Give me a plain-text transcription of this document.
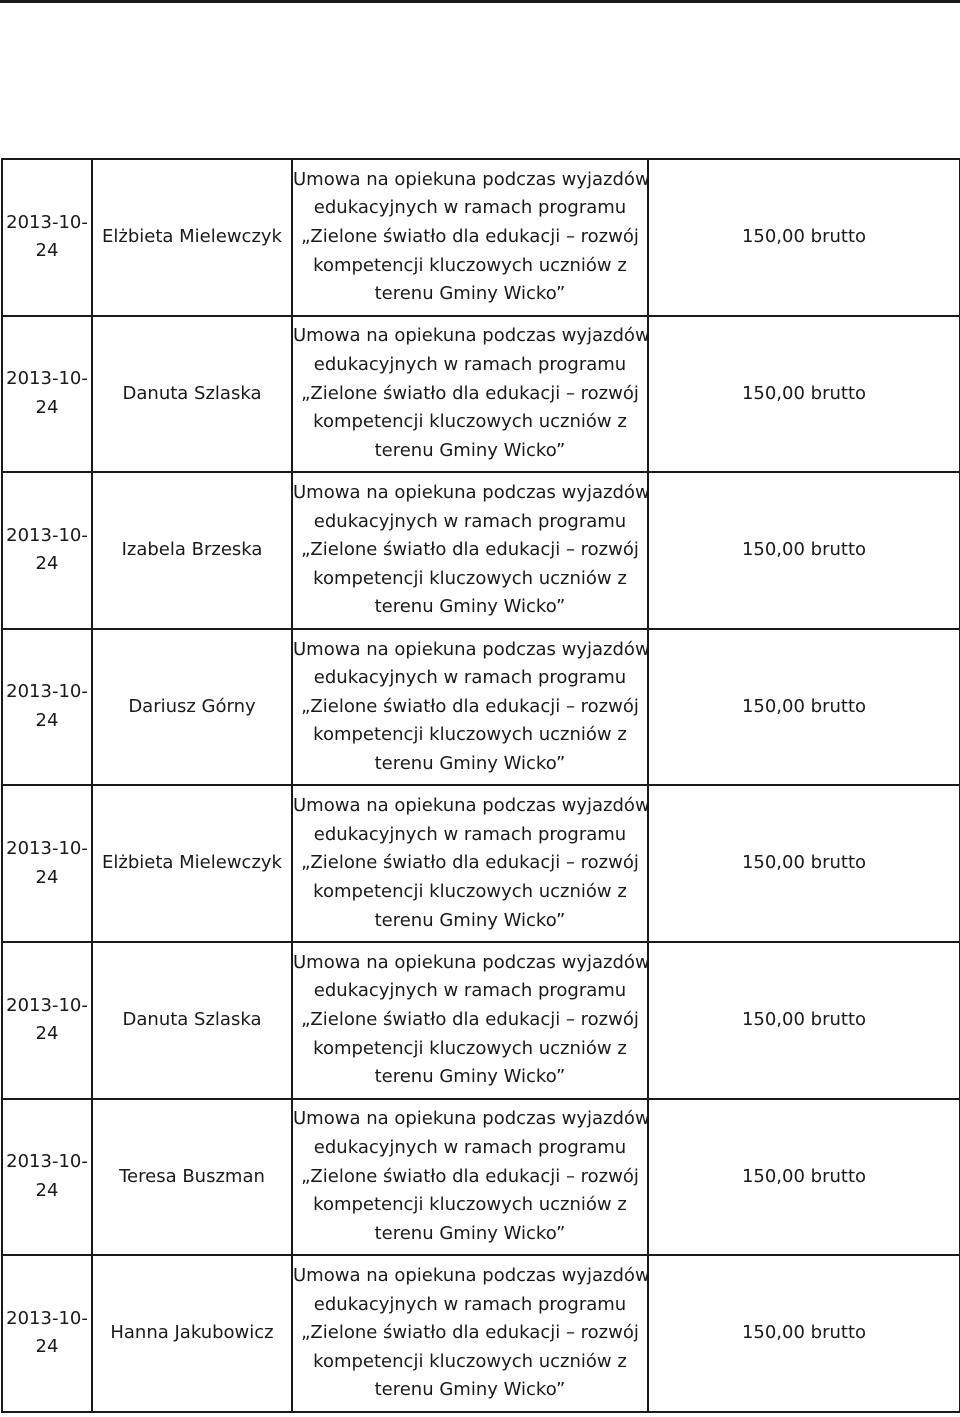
2013-10-24	Elżbieta Mielewczyk	Umowa na opiekuna podczas wyjazdów
edukacyjnych w ramach programu
„Zielone światło dla edukacji – rozwój
kompetencji kluczowych uczniów z
terenu Gminy Wicko”	150,00 brutto
2013-10-24	Danuta Szlaska	Umowa na opiekuna podczas wyjazdów
edukacyjnych w ramach programu
„Zielone światło dla edukacji – rozwój
kompetencji kluczowych uczniów z
terenu Gminy Wicko”	150,00 brutto
2013-10-24	Izabela Brzeska	Umowa na opiekuna podczas wyjazdów
edukacyjnych w ramach programu
„Zielone światło dla edukacji – rozwój
kompetencji kluczowych uczniów z
terenu Gminy Wicko”	150,00 brutto
2013-10-24	Dariusz Górny	Umowa na opiekuna podczas wyjazdów
edukacyjnych w ramach programu
„Zielone światło dla edukacji – rozwój
kompetencji kluczowych uczniów z
terenu Gminy Wicko”	150,00 brutto
2013-10-24	Elżbieta Mielewczyk	Umowa na opiekuna podczas wyjazdów
edukacyjnych w ramach programu
„Zielone światło dla edukacji – rozwój
kompetencji kluczowych uczniów z
terenu Gminy Wicko”	150,00 brutto
2013-10-24	Danuta Szlaska	Umowa na opiekuna podczas wyjazdów
edukacyjnych w ramach programu
„Zielone światło dla edukacji – rozwój
kompetencji kluczowych uczniów z
terenu Gminy Wicko”	150,00 brutto
2013-10-24	Teresa Buszman	Umowa na opiekuna podczas wyjazdów
edukacyjnych w ramach programu
„Zielone światło dla edukacji – rozwój
kompetencji kluczowych uczniów z
terenu Gminy Wicko”	150,00 brutto
2013-10-24	Hanna Jakubowicz	Umowa na opiekuna podczas wyjazdów
edukacyjnych w ramach programu
„Zielone światło dla edukacji – rozwój
kompetencji kluczowych uczniów z
terenu Gminy Wicko”	150,00 brutto
